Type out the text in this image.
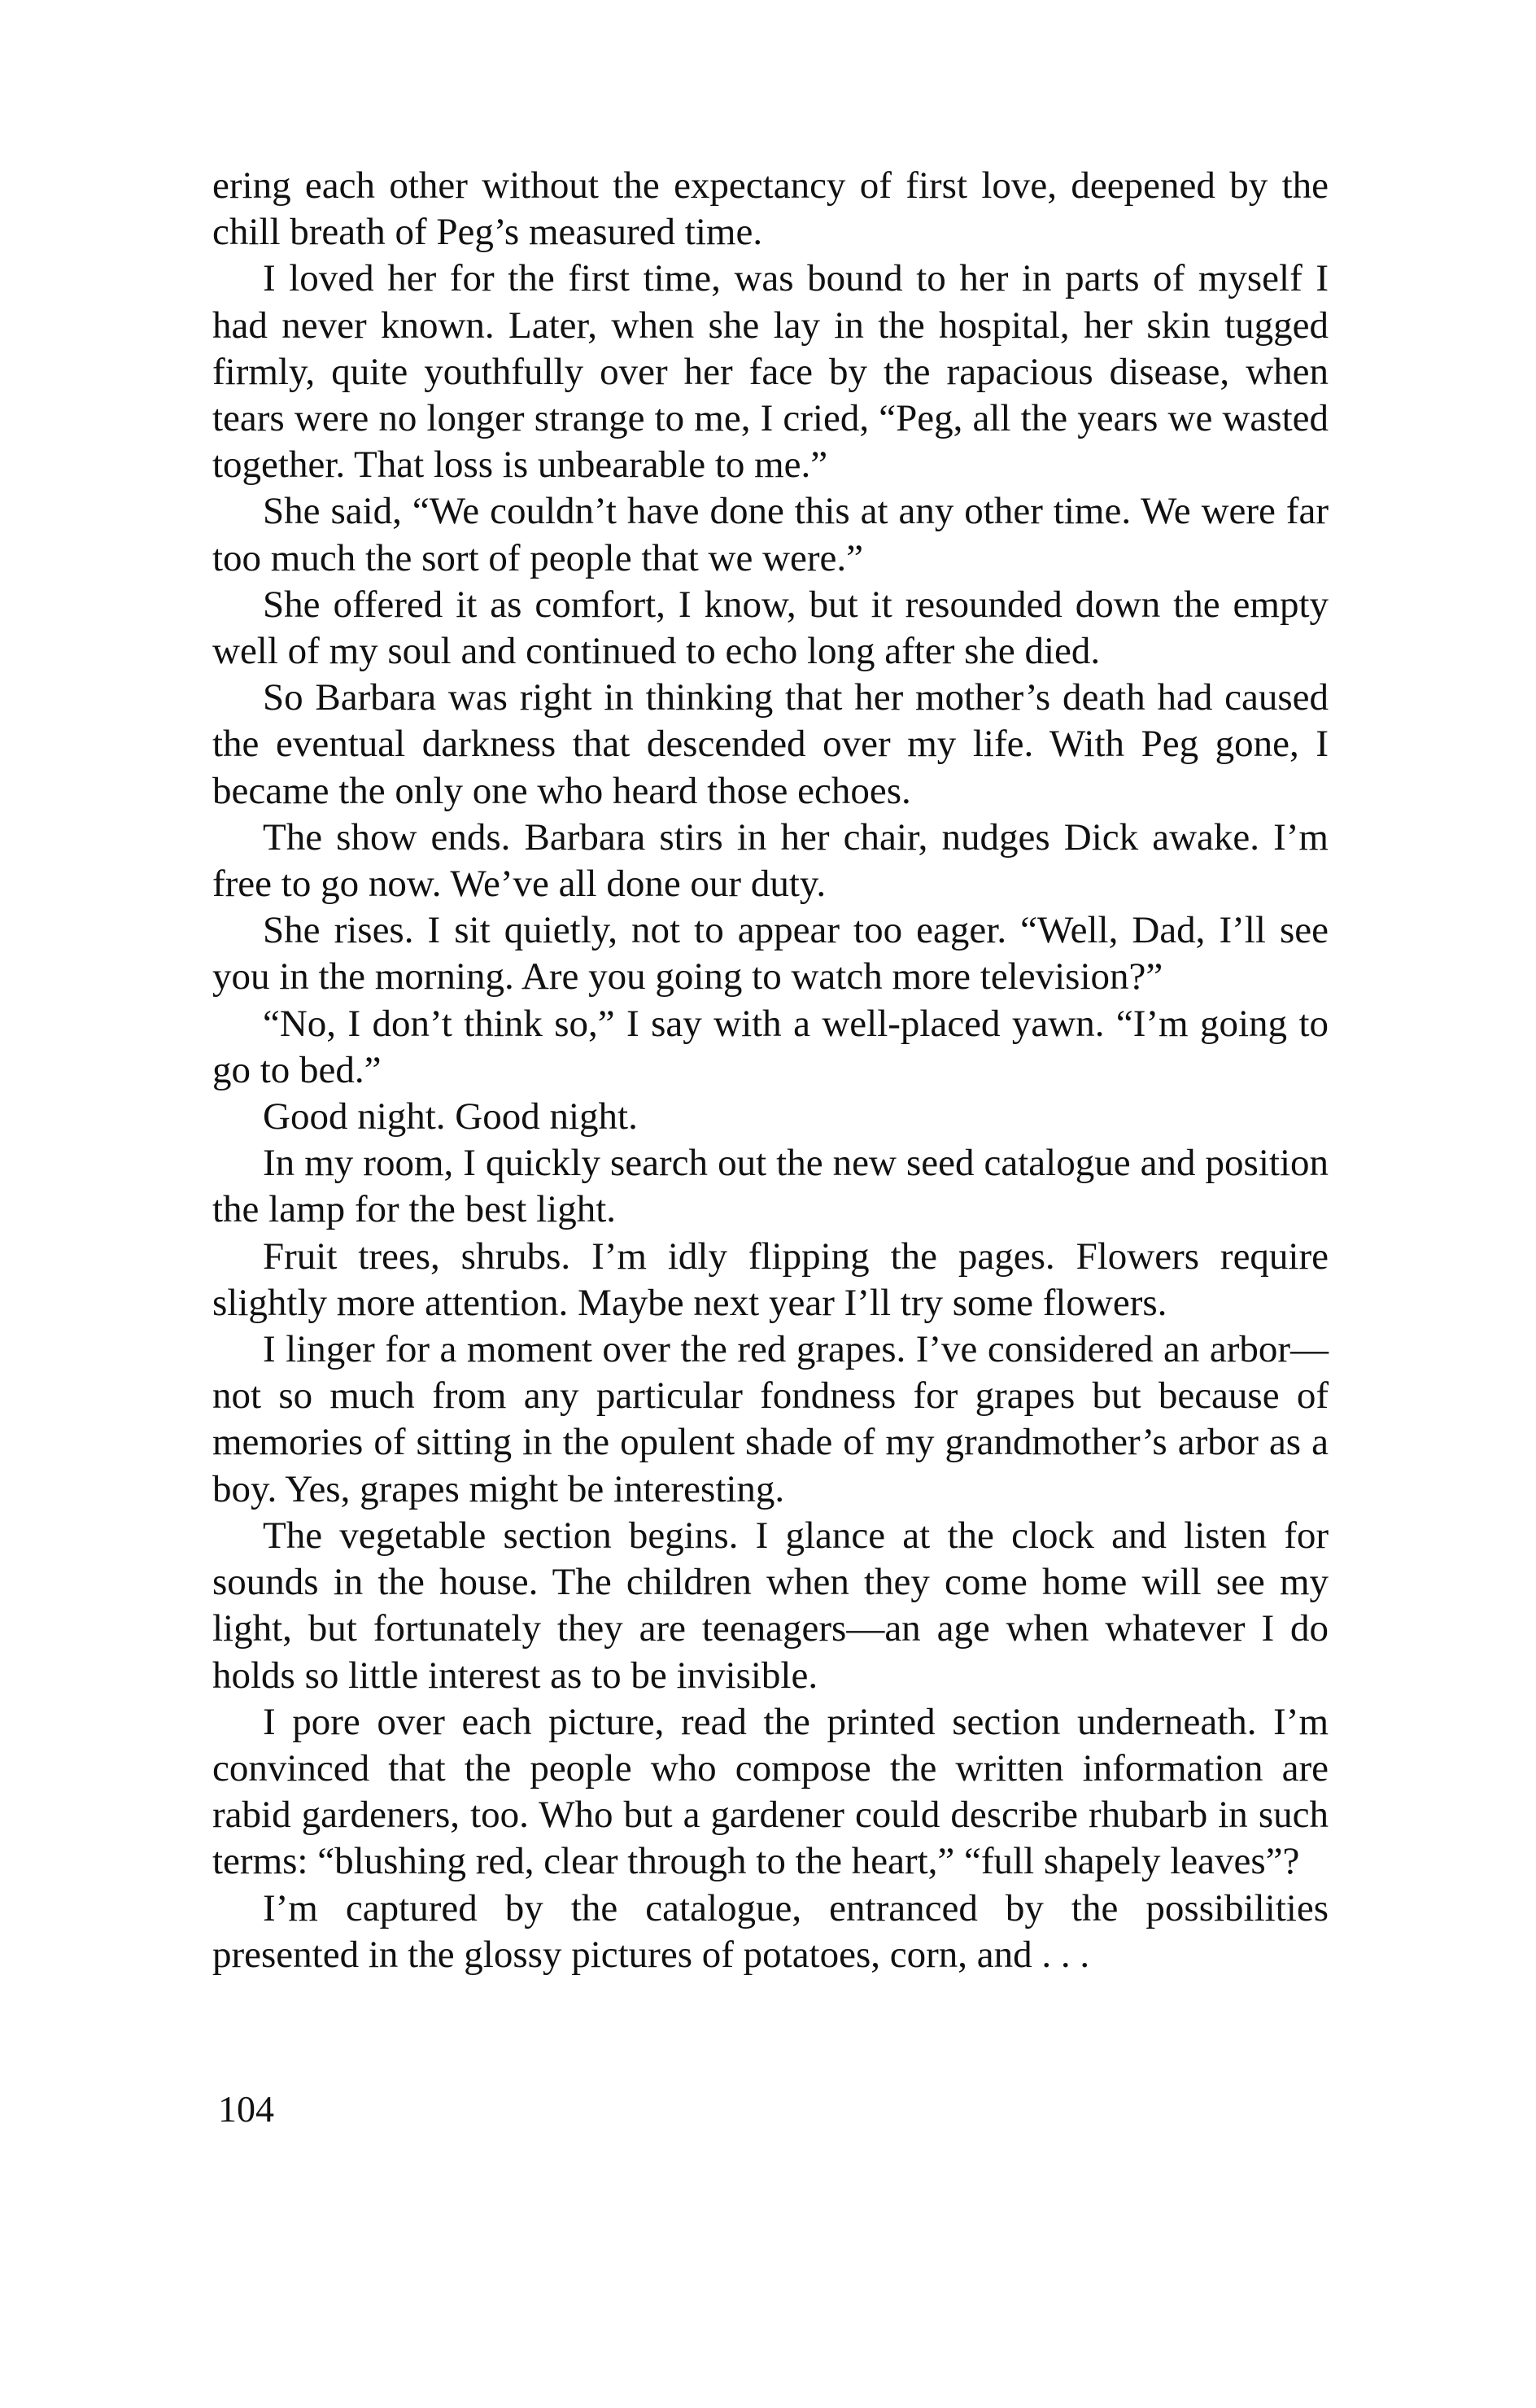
ering each other without the expectancy of first love, deepened by the chill breath of Peg’s measured time.

I loved her for the first time, was bound to her in parts of myself I had never known. Later, when she lay in the hospital, her skin tugged firmly, quite youthfully over her face by the rapacious disease, when tears were no longer strange to me, I cried, “Peg, all the years we wasted together. That loss is unbearable to me.”

She said, “We couldn’t have done this at any other time. We were far too much the sort of people that we were.”

She offered it as comfort, I know, but it resounded down the empty well of my soul and continued to echo long after she died.

So Barbara was right in thinking that her mother’s death had caused the eventual darkness that descended over my life. With Peg gone, I became the only one who heard those echoes.

The show ends. Barbara stirs in her chair, nudges Dick awake. I’m free to go now. We’ve all done our duty.

She rises. I sit quietly, not to appear too eager. “Well, Dad, I’ll see you in the morning. Are you going to watch more television?”

“No, I don’t think so,” I say with a well-placed yawn. “I’m going to go to bed.”

Good night. Good night.

In my room, I quickly search out the new seed catalogue and position the lamp for the best light.

Fruit trees, shrubs. I’m idly flipping the pages. Flowers require slightly more attention. Maybe next year I’ll try some flowers.

I linger for a moment over the red grapes. I’ve considered an arbor—not so much from any particular fondness for grapes but because of memories of sitting in the opulent shade of my grandmother’s arbor as a boy. Yes, grapes might be interesting.

The vegetable section begins. I glance at the clock and listen for sounds in the house. The children when they come home will see my light, but fortunately they are teenagers—an age when whatever I do holds so little interest as to be invisible.

I pore over each picture, read the printed section underneath. I’m convinced that the people who compose the written information are rabid gardeners, too. Who but a gardener could describe rhubarb in such terms: “blushing red, clear through to the heart,” “full shapely leaves”?

I’m captured by the catalogue, entranced by the possibilities presented in the glossy pictures of potatoes, corn, and . . .

104
